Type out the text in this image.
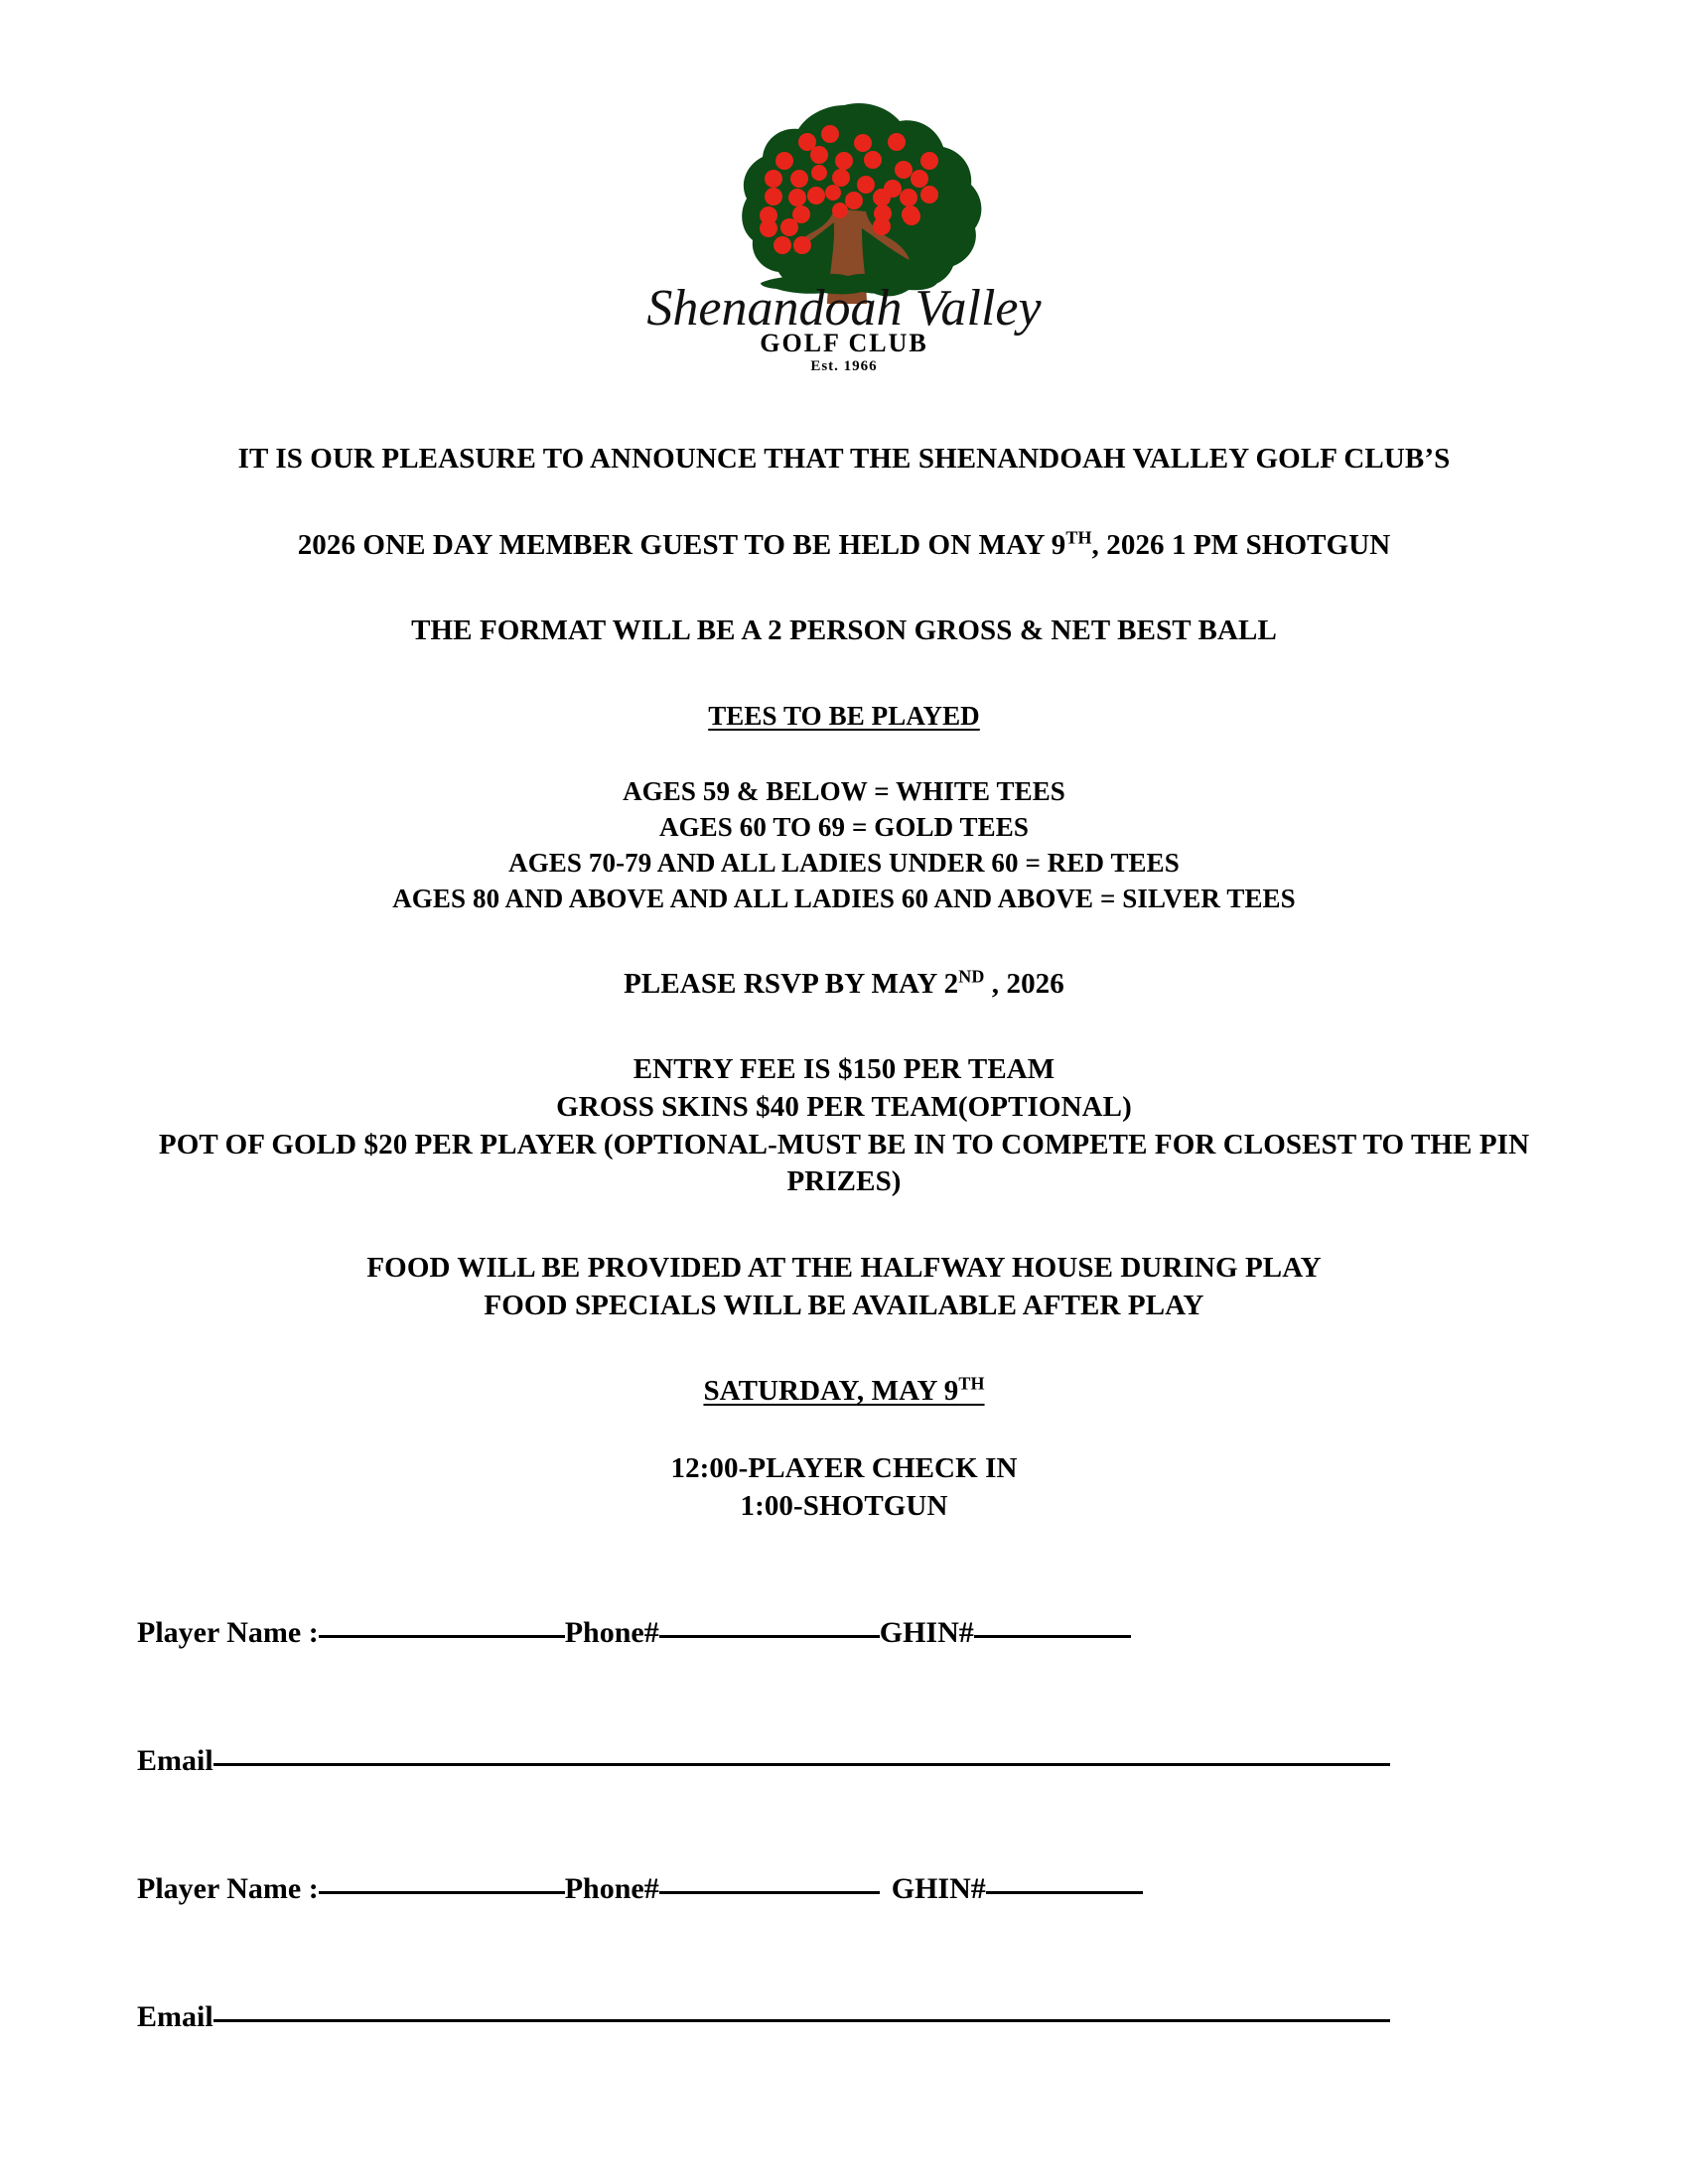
Shenandoah Valley
GOLF CLUB
Est. 1966
IT IS OUR PLEASURE TO ANNOUNCE THAT THE SHENANDOAH VALLEY GOLF CLUB’S
2026 ONE DAY MEMBER GUEST TO BE HELD ON MAY 9TH, 2026 1 PM SHOTGUN
THE FORMAT WILL BE A 2 PERSON GROSS & NET BEST BALL
TEES TO BE PLAYED
AGES 59 & BELOW = WHITE TEES
AGES 60 TO 69 = GOLD TEES
AGES 70-79 AND ALL LADIES UNDER 60 = RED TEES
AGES 80 AND ABOVE AND ALL LADIES 60 AND ABOVE = SILVER TEES
PLEASE RSVP BY MAY 2ND , 2026
ENTRY FEE IS $150 PER TEAM
GROSS SKINS $40 PER TEAM(OPTIONAL)
POT OF GOLD $20 PER PLAYER (OPTIONAL-MUST BE IN TO COMPETE FOR CLOSEST TO THE PIN PRIZES)
FOOD WILL BE PROVIDED AT THE HALFWAY HOUSE DURING PLAY
FOOD SPECIALS WILL BE AVAILABLE AFTER PLAY
SATURDAY, MAY 9TH
12:00-PLAYER CHECK IN
1:00-SHOTGUN
Player Name :	Phone#	GHIN#
Email
Player Name :	Phone#	GHIN#
Email
